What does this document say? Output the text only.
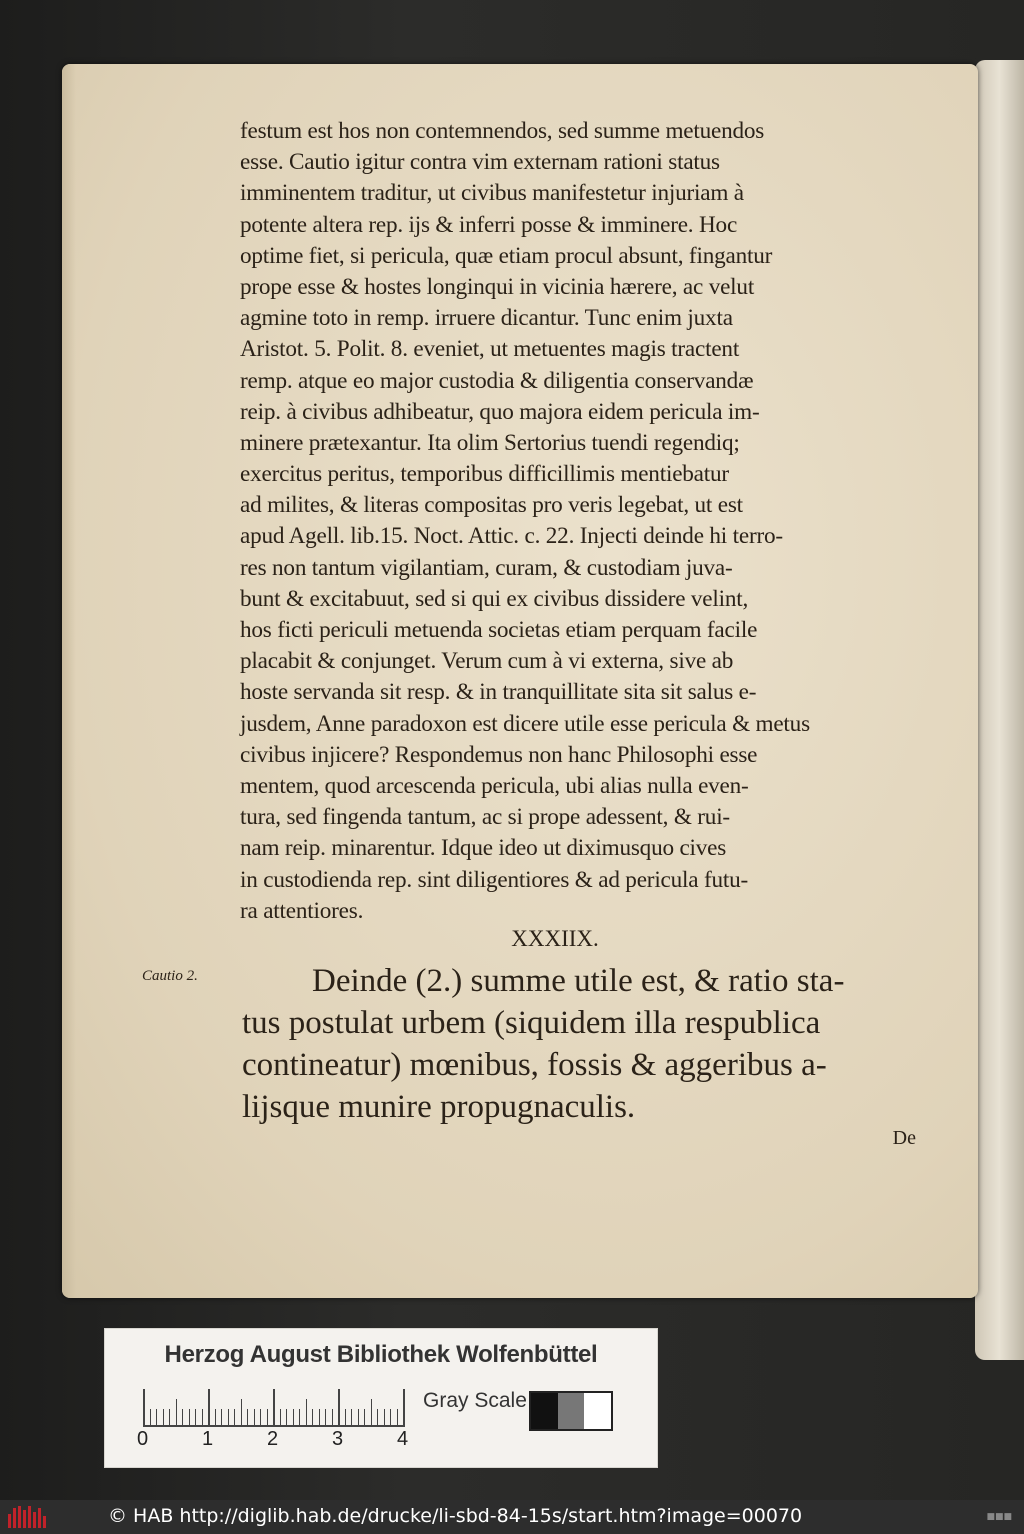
festum est hos non contemnendos, sed summe metuendos
esse. Cautio igitur contra vim externam rationi status
imminentem traditur, ut civibus manifestetur injuriam à
potente altera rep. ijs & inferri posse & imminere. Hoc
optime fiet, si pericula, quæ etiam procul absunt, fingantur
prope esse & hostes longinqui in vicinia hærere, ac velut
agmine toto in remp. irruere dicantur. Tunc enim juxta
Aristot. 5. Polit. 8. eveniet, ut metuentes magis tractent
remp. atque eo major custodia & diligentia conservandæ
reip. à civibus adhibeatur, quo majora eidem pericula im-
minere prætexantur. Ita olim Sertorius tuendi regendiq;
exercitus peritus, temporibus difficillimis mentiebatur
ad milites, & literas compositas pro veris legebat, ut est
apud Agell. lib.15. Noct. Attic. c. 22. Injecti deinde hi terro-
res non tantum vigilantiam, curam, & custodiam juva-
bunt & excitabuut, sed si qui ex civibus dissidere velint,
hos ficti periculi metuenda societas etiam perquam facile
placabit & conjunget. Verum cum à vi externa, sive ab
hoste servanda sit resp. & in tranquillitate sita sit salus e-
jusdem, Anne paradoxon est dicere utile esse pericula & metus
civibus injicere? Respondemus non hanc Philosophi esse
mentem, quod arcescenda pericula, ubi alias nulla even-
tura, sed fingenda tantum, ac si prope adessent, & rui-
nam reip. minarentur. Idque ideo ut diximusquo cives
in custodienda rep. sint diligentiores & ad pericula futu-
ra attentiores.
XXXIIX.
Cautio 2.	Deinde (2.) summe utile est, & ratio sta-
tus postulat urbem (siquidem illa respublica
contineatur) mœnibus, fossis & aggeribus a-
lijsque munire propugnaculis.
De
Herzog August Bibliothek Wolfenbüttel
0	1	2	3	4
Gray Scale
© HAB http://diglib.hab.de/drucke/li-sbd-84-15s/start.htm?image=00070	■■■
